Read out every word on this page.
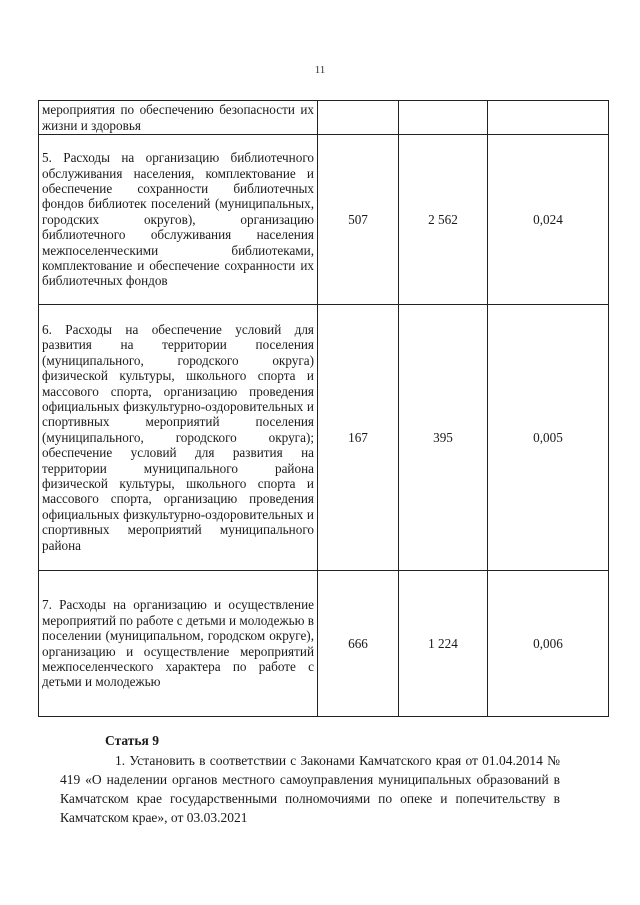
11
мероприятия по обеспечению безопасности их жизни и здоровья			
5. Расходы на организацию библиотечного обслуживания населения, комплектование и обеспечение сохранности библиотечных фондов библиотек поселений (муниципальных, городских округов), организацию библиотечного обслуживания населения межпоселенческими библиотеками, комплектование и обеспечение сохранности их библиотечных фондов	507	2 562	0,024
6. Расходы на обеспечение условий для развития на территории поселения (муниципального, городского округа) физической культуры, школьного спорта и массового спорта, организацию проведения официальных физкультурно-оздоровительных и спортивных мероприятий поселения (муниципального, городского округа); обеспечение условий для развития на территории муниципального района физической культуры, школьного спорта и массового спорта, организацию проведения официальных физкультурно-оздоровительных и спортивных мероприятий муниципального района	167	395	0,005
7. Расходы на организацию и осуществление мероприятий по работе с детьми и молодежью в поселении (муниципальном, городском округе), организацию и осуществление мероприятий межпоселенческого характера по работе с детьми и молодежью	666	1 224	0,006
Статья 9
1. Установить в соответствии с Законами Камчатского края от 01.04.2014 № 419 «О наделении органов местного самоуправления муниципальных образований в Камчатском крае государственными полномочиями по опеке и попечительству в Камчатском крае», от 03.03.2021
